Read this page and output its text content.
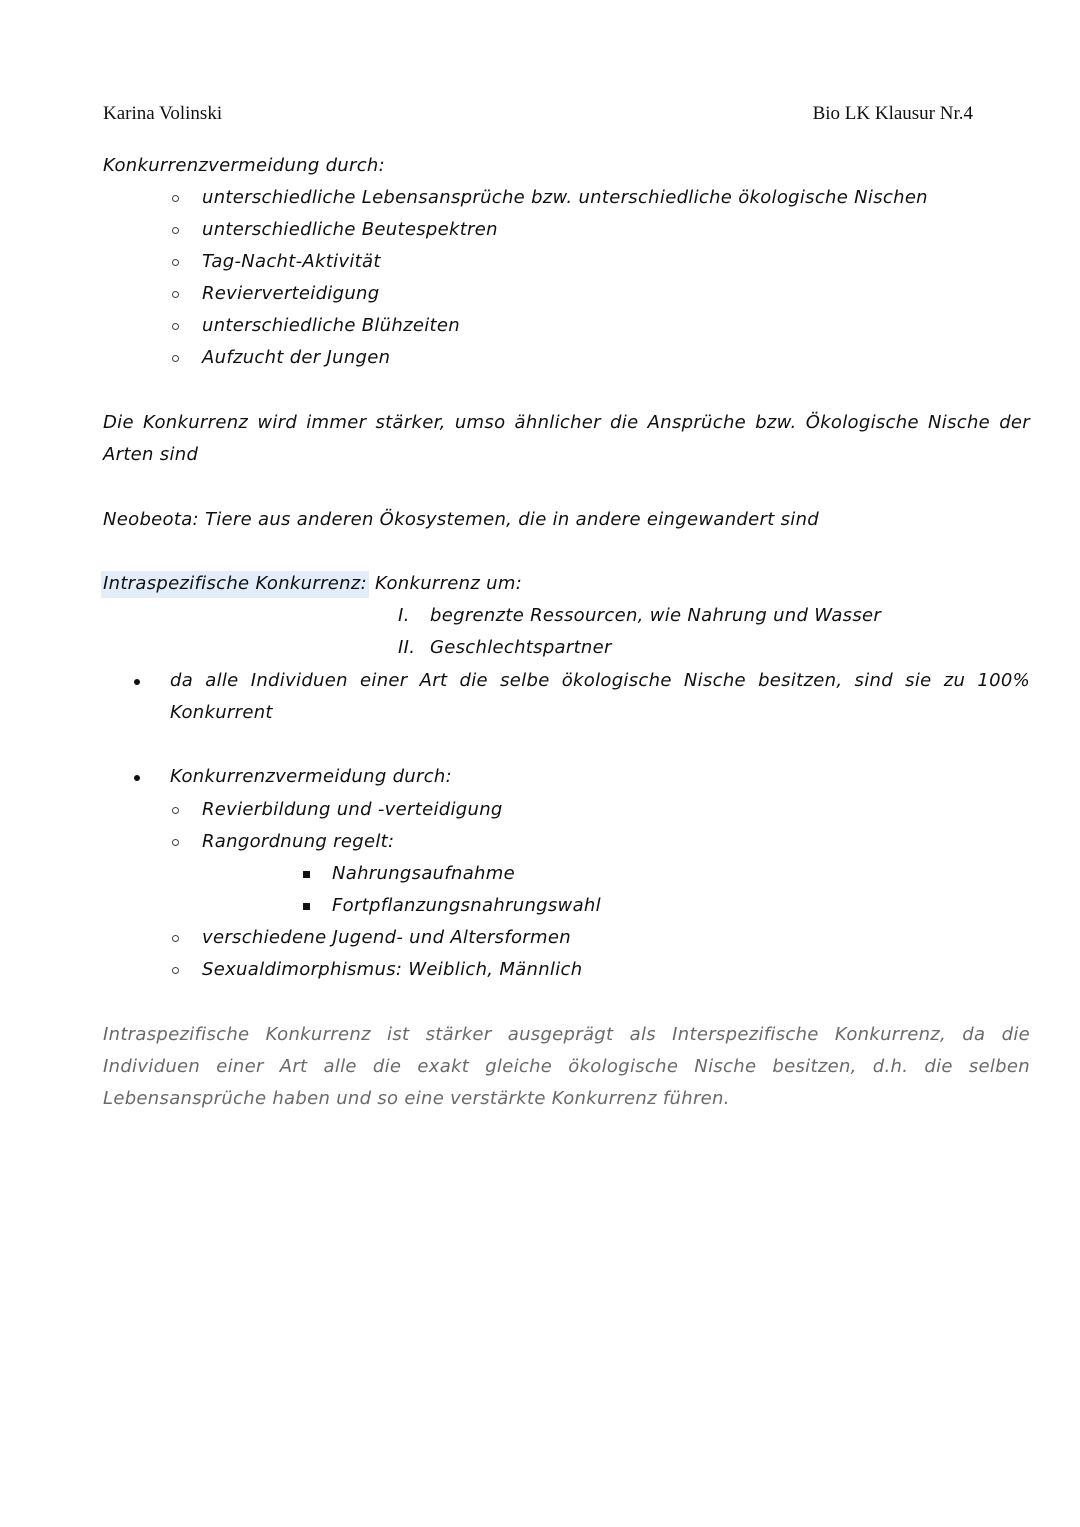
Karina Volinski	Bio LK Klausur Nr.4
Konkurrenzvermeidung durch:
unterschiedliche Lebensansprüche bzw. unterschiedliche ökologische Nischen
unterschiedliche Beutespektren
Tag-Nacht-Aktivität
Revierverteidigung
unterschiedliche Blühzeiten
Aufzucht der Jungen
Die Konkurrenz wird immer stärker, umso ähnlicher die Ansprüche bzw. Ökologische Nische der
Arten sind
Neobeota: Tiere aus anderen Ökosystemen, die in andere eingewandert sind
Intraspezifische Konkurrenz: Konkurrenz um:
I. begrenzte Ressourcen, wie Nahrung und Wasser
II. Geschlechtspartner
da alle Individuen einer Art die selbe ökologische Nische besitzen, sind sie zu 100%
Konkurrent
Konkurrenzvermeidung durch:
Revierbildung und -verteidigung
Rangordnung regelt:
Nahrungsaufnahme
Fortpflanzungsnahrungswahl
verschiedene Jugend- und Altersformen
Sexualdimorphismus: Weiblich, Männlich
Intraspezifische Konkurrenz ist stärker ausgeprägt als Interspezifische Konkurrenz, da die
Individuen einer Art alle die exakt gleiche ökologische Nische besitzen, d.h. die selben
Lebensansprüche haben und so eine verstärkte Konkurrenz führen.
